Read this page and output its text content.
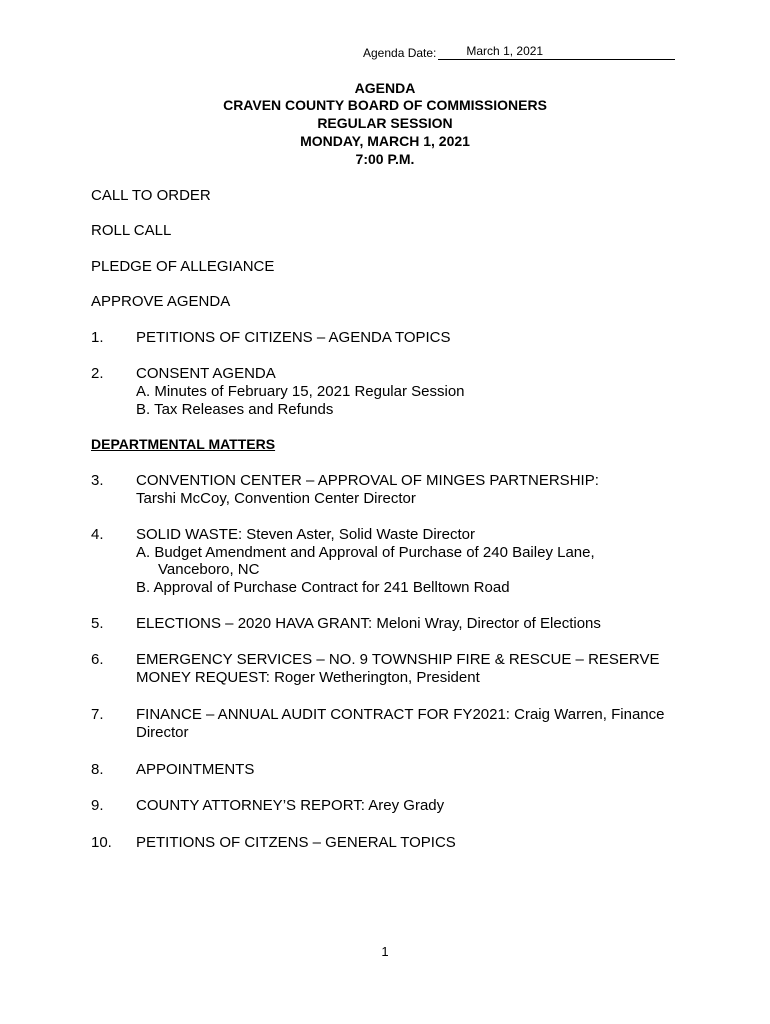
Agenda Date:	March 1, 2021
AGENDA
CRAVEN COUNTY BOARD OF COMMISSIONERS
REGULAR SESSION
MONDAY, MARCH 1, 2021
7:00 P.M.
CALL TO ORDER
ROLL CALL
PLEDGE OF ALLEGIANCE
APPROVE AGENDA
1. PETITIONS OF CITIZENS – AGENDA TOPICS
2. CONSENT AGENDA
A. Minutes of February 15, 2021 Regular Session
B. Tax Releases and Refunds
DEPARTMENTAL MATTERS
3. CONVENTION CENTER – APPROVAL OF MINGES PARTNERSHIP:
Tarshi McCoy, Convention Center Director
4. SOLID WASTE: Steven Aster, Solid Waste Director
A. Budget Amendment and Approval of Purchase of 240 Bailey Lane,
Vanceboro, NC
B. Approval of Purchase Contract for 241 Belltown Road
5. ELECTIONS – 2020 HAVA GRANT: Meloni Wray, Director of Elections
6. EMERGENCY SERVICES – NO. 9 TOWNSHIP FIRE & RESCUE – RESERVE
MONEY REQUEST: Roger Wetherington, President
7. FINANCE – ANNUAL AUDIT CONTRACT FOR FY2021: Craig Warren, Finance
Director
8. APPOINTMENTS
9. COUNTY ATTORNEY’S REPORT: Arey Grady
10. PETITIONS OF CITZENS – GENERAL TOPICS
1
